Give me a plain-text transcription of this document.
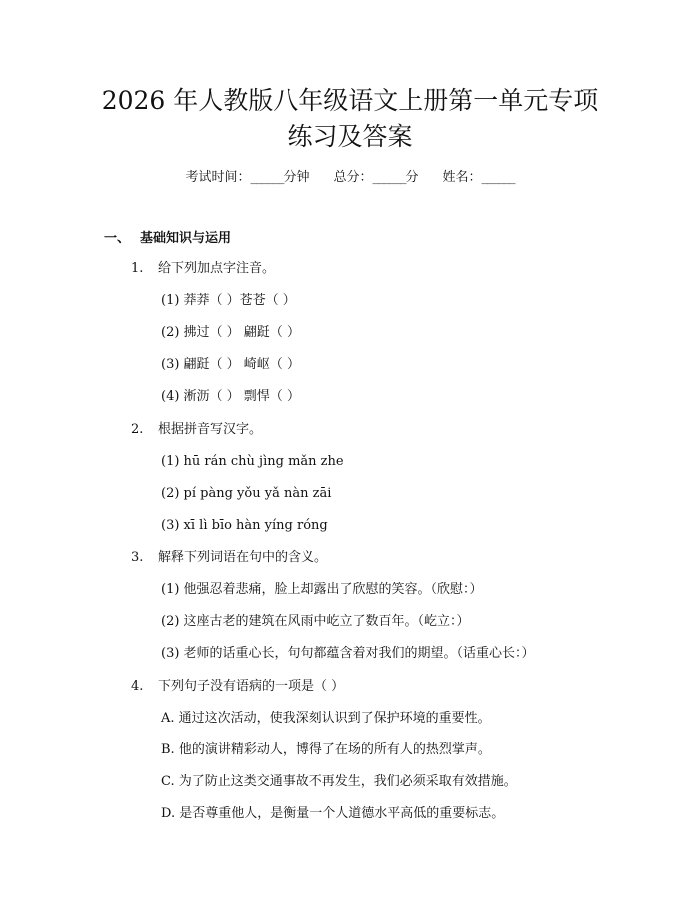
2026 年人教版八年级语文上册第一单元专项
练习及答案
考试时间：______分钟 总分：______分 姓名：______
一、 基础知识与运用
1. 给下列加点字注音。
(1) 莽莽（ ）苍苍（ ）
(2) 拂过（ ） 翩跹（ ）
(3) 翩跹（ ） 崎岖（ ）
(4) 淅沥（ ） 剽悍（ ）
2. 根据拼音写汉字。
(1) hū rán chù jìng mǎn zhe
(2) pí pàng yǒu yǎ nàn zāi
(3) xī lì bīo hàn yíng róng
3. 解释下列词语在句中的含义。
(1) 他强忍着悲痛，脸上却露出了欣慰的笑容。（欣慰：）
(2) 这座古老的建筑在风雨中屹立了数百年。（屹立：）
(3) 老师的话重心长，句句都蕴含着对我们的期望。（话重心长：）
4. 下列句子没有语病的一项是（ ）
A. 通过这次活动，使我深刻认识到了保护环境的重要性。
B. 他的演讲精彩动人，博得了在场的所有人的热烈掌声。
C. 为了防止这类交通事故不再发生，我们必须采取有效措施。
D. 是否尊重他人，是衡量一个人道德水平高低的重要标志。
